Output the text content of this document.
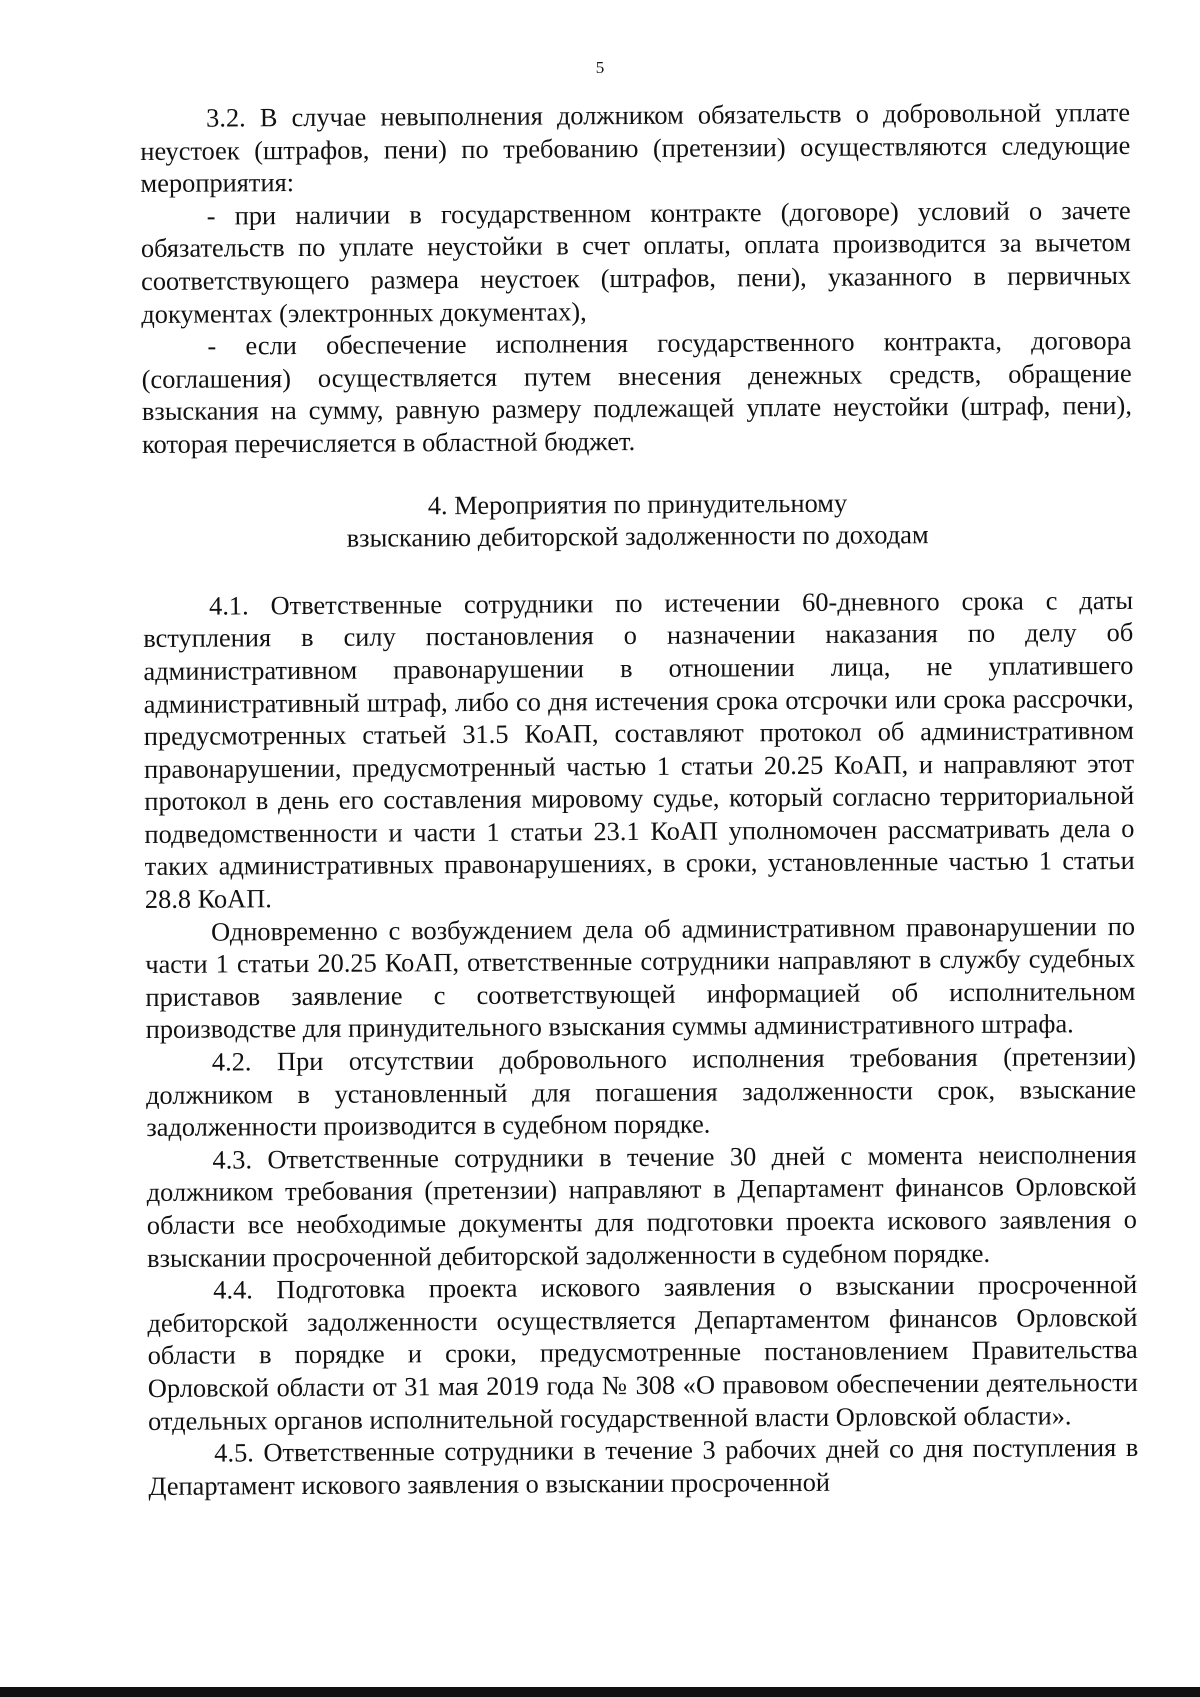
5

3.2. В случае невыполнения должником обязательств о добровольной уплате неустоек (штрафов, пени) по требованию (претензии) осуществляются следующие мероприятия:

- при наличии в государственном контракте (договоре) условий о зачете обязательств по уплате неустойки в счет оплаты, оплата производится за вычетом соответствующего размера неустоек (штрафов, пени), указанного в первичных документах (электронных документах),

- если обеспечение исполнения государственного контракта, договора (соглашения) осуществляется путем внесения денежных средств, обращение взыскания на сумму, равную размеру подлежащей уплате неустойки (штраф, пени), которая перечисляется в областной бюджет.

4. Мероприятия по принудительному
взысканию дебиторской задолженности по доходам

4.1. Ответственные сотрудники по истечении 60-дневного срока с даты вступления в силу постановления о назначении наказания по делу об административном правонарушении в отношении лица, не уплатившего административный штраф, либо со дня истечения срока отсрочки или срока рассрочки, предусмотренных статьей 31.5 КоАП, составляют протокол об административном правонарушении, предусмотренный частью 1 статьи 20.25 КоАП, и направляют этот протокол в день его составления мировому судье, который согласно территориальной подведомственности и части 1 статьи 23.1 КоАП уполномочен рассматривать дела о таких административных правонарушениях, в сроки, установленные частью 1 статьи 28.8 КоАП.

Одновременно с возбуждением дела об административном правонарушении по части 1 статьи 20.25 КоАП, ответственные сотрудники направляют в службу судебных приставов заявление с соответствующей информацией об исполнительном производстве для принудительного взыскания суммы административного штрафа.

4.2. При отсутствии добровольного исполнения требования (претензии) должником в установленный для погашения задолженности срок, взыскание задолженности производится в судебном порядке.

4.3. Ответственные сотрудники в течение 30 дней с момента неисполнения должником требования (претензии) направляют в Департамент финансов Орловской области все необходимые документы для подготовки проекта искового заявления о взыскании просроченной дебиторской задолженности в судебном порядке.

4.4. Подготовка проекта искового заявления о взыскании просроченной дебиторской задолженности осуществляется Департаментом финансов Орловской области в порядке и сроки, предусмотренные постановлением Правительства Орловской области от 31 мая 2019 года № 308 «О правовом обеспечении деятельности отдельных органов исполнительной государственной власти Орловской области».

4.5. Ответственные сотрудники в течение 3 рабочих дней со дня поступления в Департамент искового заявления о взыскании просроченной
